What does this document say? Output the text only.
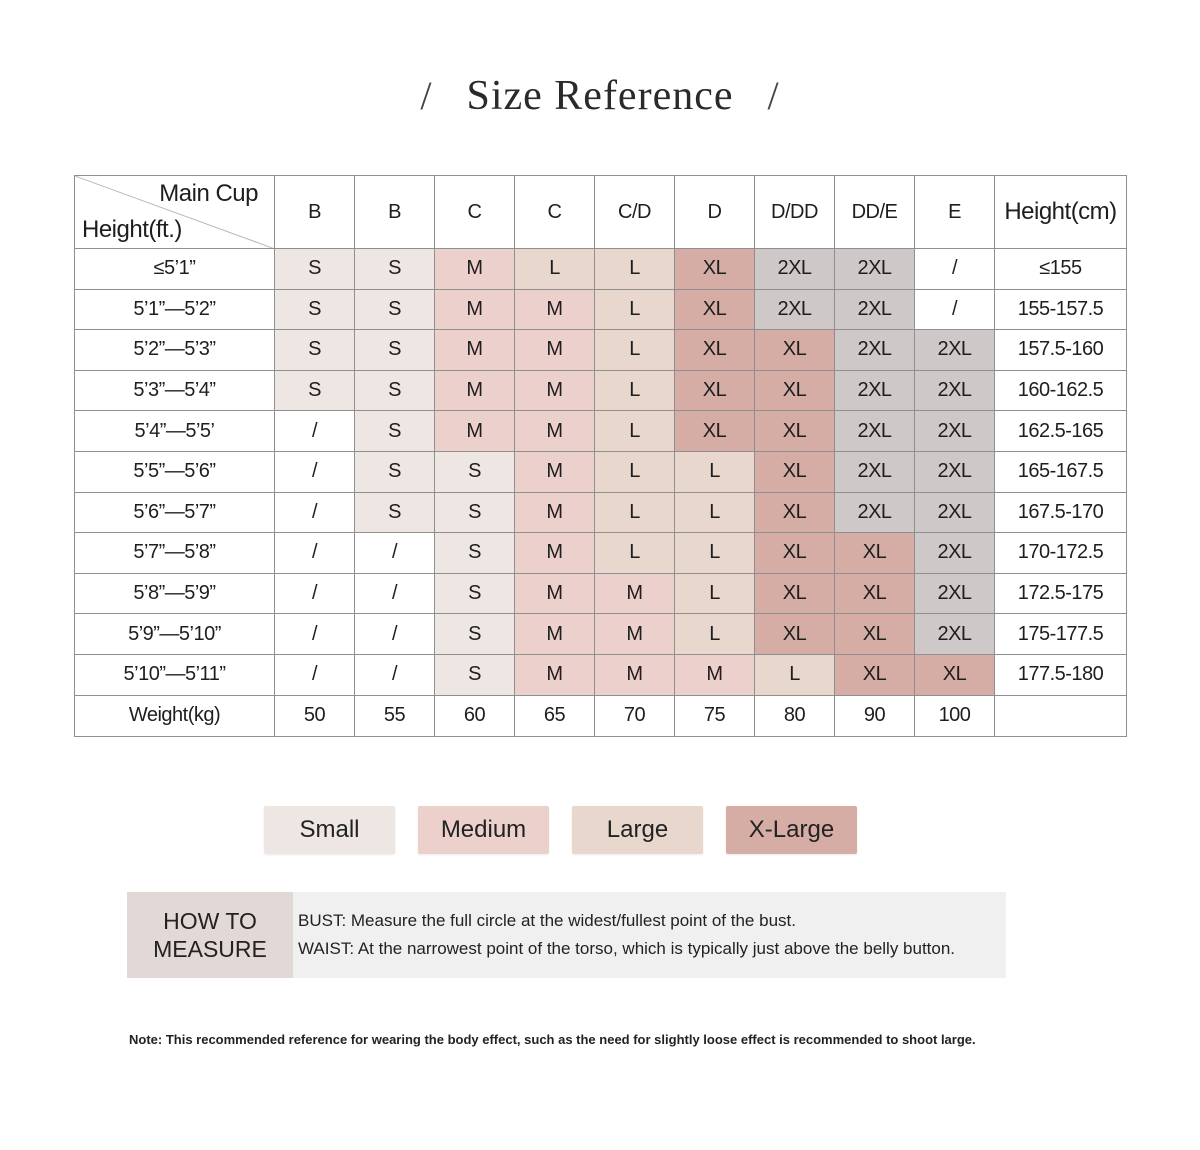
/ Size Reference /
Main Cup
Height(ft.)	B	B	C	C	C/D	D	D/DD	DD/E	E	Height(cm)
≤5’1”	S	S	M	L	L	XL	2XL	2XL	/	≤155
5’1”—5’2”	S	S	M	M	L	XL	2XL	2XL	/	155-157.5
5’2”—5’3”	S	S	M	M	L	XL	XL	2XL	2XL	157.5-160
5’3”—5’4”	S	S	M	M	L	XL	XL	2XL	2XL	160-162.5
5’4”—5’5’	/	S	M	M	L	XL	XL	2XL	2XL	162.5-165
5’5”—5’6”	/	S	S	M	L	L	XL	2XL	2XL	165-167.5
5’6”—5’7”	/	S	S	M	L	L	XL	2XL	2XL	167.5-170
5’7”—5’8”	/	/	S	M	L	L	XL	XL	2XL	170-172.5
5’8”—5’9”	/	/	S	M	M	L	XL	XL	2XL	172.5-175
5’9”—5’10”	/	/	S	M	M	L	XL	XL	2XL	175-177.5
5’10”—5’11”	/	/	S	M	M	M	L	XL	XL	177.5-180
Weight(kg)	50	55	60	65	70	75	80	90	100	
Small	Medium	Large	X-Large
HOW TO
MEASURE
BUST: Measure the full circle at the widest/fullest point of the bust.
WAIST: At the narrowest point of the torso, which is typically just above the belly button.
Note: This recommended reference for wearing the body effect, such as the need for slightly loose effect is recommended to shoot large.
